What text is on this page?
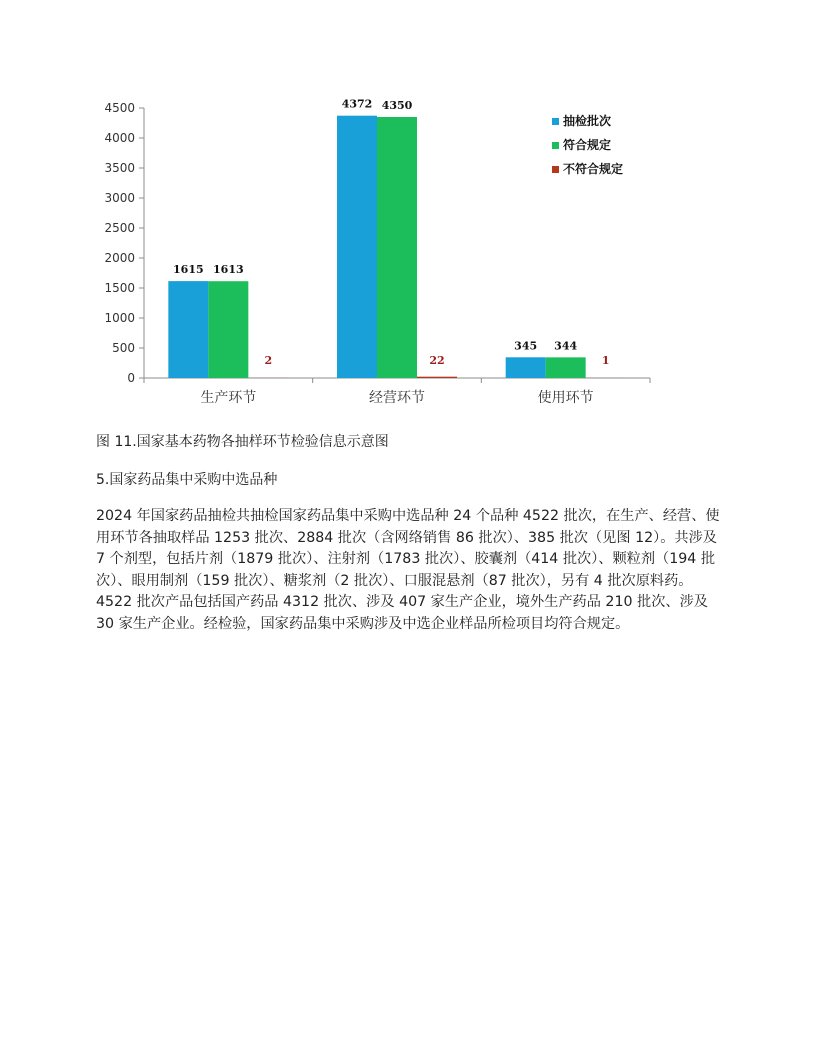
0
500
1000
1500
2000
2500
3000
3500
4000
4500
1615 1613
2
生产环节
4372 4350
22
经营环节
345 344
1
使用环节
抽检批次
符合规定
不符合规定
图 11.国家基本药物各抽样环节检验信息示意图
5.国家药品集中采购中选品种

2024 年国家药品抽检共抽检国家药品集中采购中选品种 24 个品种 4522 批次，在生产、经营、使用环节各抽取样品 1253 批次、2884 批次（含网络销售 86 批次）、385 批次（见图 12）。共涉及 7 个剂型，包括片剂（1879 批次）、注射剂（1783 批次）、胶囊剂（414 批次）、颗粒剂（194 批次）、眼用制剂（159 批次）、糖浆剂（2 批次）、口服混悬剂（87 批次），另有 4 批次原料药。4522 批次产品包括国产药品 4312 批次、涉及 407 家生产企业，境外生产药品 210 批次、涉及 30 家生产企业。经检验，国家药品集中采购涉及中选企业样品所检项目均符合规定。
